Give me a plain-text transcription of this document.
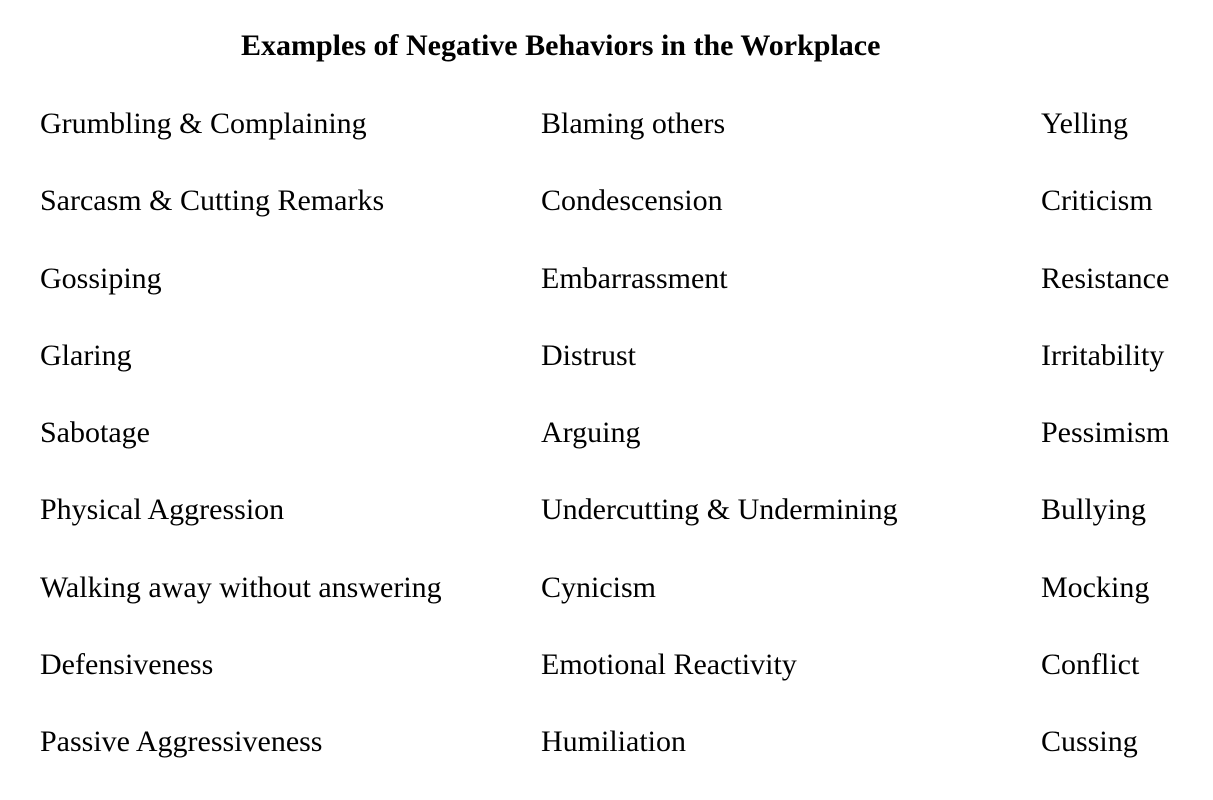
Examples of Negative Behaviors in the Workplace
Grumbling & Complaining	Blaming others	Yelling
Sarcasm & Cutting Remarks	Condescension	Criticism
Gossiping	Embarrassment	Resistance
Glaring	Distrust	Irritability
Sabotage	Arguing	Pessimism
Physical Aggression	Undercutting & Undermining	Bullying
Walking away without answering	Cynicism	Mocking
Defensiveness	Emotional Reactivity	Conflict
Passive Aggressiveness	Humiliation	Cussing
